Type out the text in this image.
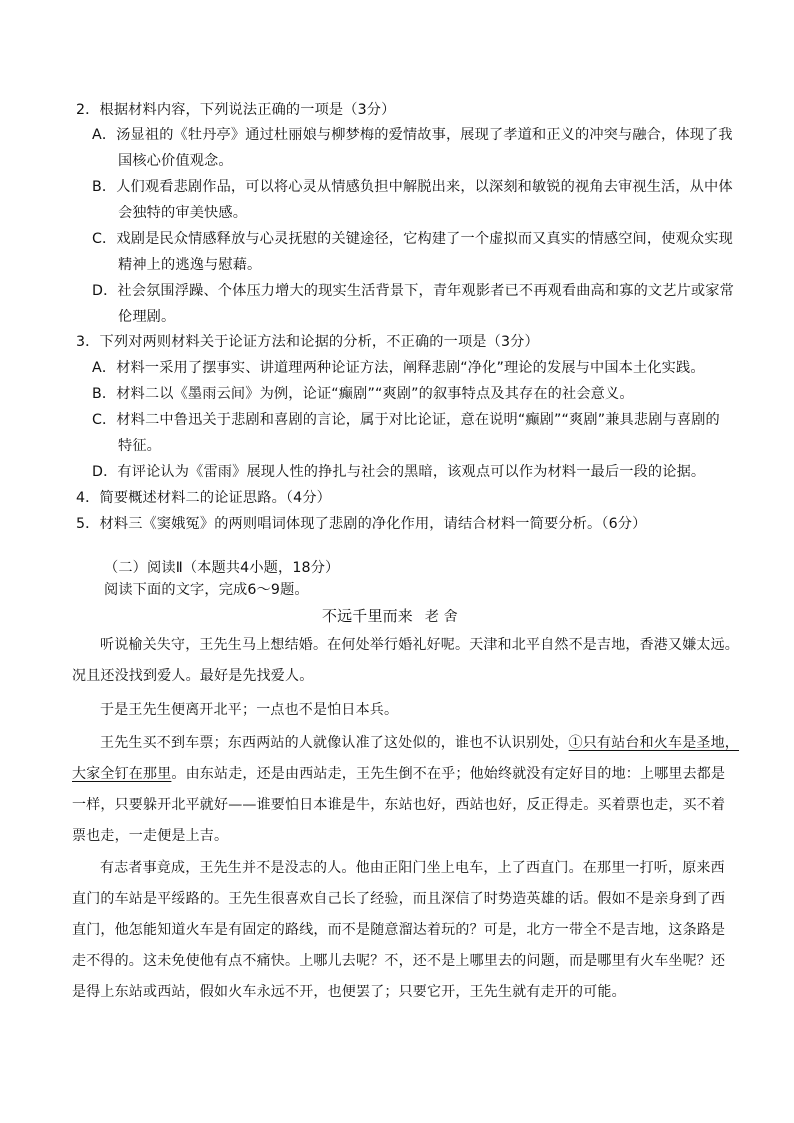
2．根据材料内容，下列说法正确的一项是（3分）
A．汤显祖的《牡丹亭》通过杜丽娘与柳梦梅的爱情故事，展现了孝道和正义的冲突与融合，体现了我
国核心价值观念。
B．人们观看悲剧作品，可以将心灵从情感负担中解脱出来，以深刻和敏锐的视角去审视生活，从中体
会独特的审美快感。
C．戏剧是民众情感释放与心灵抚慰的关键途径，它构建了一个虚拟而又真实的情感空间，使观众实现
精神上的逃逸与慰藉。
D．社会氛围浮躁、个体压力增大的现实生活背景下，青年观影者已不再观看曲高和寡的文艺片或家常
伦理剧。
3．下列对两则材料关于论证方法和论据的分析，不正确的一项是（3分）
A．材料一采用了摆事实、讲道理两种论证方法，阐释悲剧“净化”理论的发展与中国本土化实践。
B．材料二以《墨雨云间》为例，论证“癫剧”“爽剧”的叙事特点及其存在的社会意义。
C．材料二中鲁迅关于悲剧和喜剧的言论，属于对比论证，意在说明“癫剧”“爽剧”兼具悲剧与喜剧的
特征。
D．有评论认为《雷雨》展现人性的挣扎与社会的黑暗，该观点可以作为材料一最后一段的论据。
4．简要概述材料二的论证思路。（4分）
5．材料三《窦娥冤》的两则唱词体现了悲剧的净化作用，请结合材料一简要分析。（6分）
（二）阅读Ⅱ（本题共4小题，18分）
阅读下面的文字，完成6～9题。
不远千里而来 老 舍
听说榆关失守，王先生马上想结婚。在何处举行婚礼好呢。天津和北平自然不是吉地，香港又嫌太远。
况且还没找到爱人。最好是先找爱人。
于是王先生便离开北平；一点也不是怕日本兵。
王先生买不到车票；东西两站的人就像认准了这处似的，谁也不认识别处，①只有站台和火车是圣地，
大家全钉在那里。由东站走，还是由西站走，王先生倒不在乎；他始终就没有定好目的地：上哪里去都是
一样，只要躲开北平就好——谁要怕日本谁是牛，东站也好，西站也好，反正得走。买着票也走，买不着
票也走，一走便是上吉。
有志者事竟成，王先生并不是没志的人。他由正阳门坐上电车，上了西直门。在那里一打听，原来西
直门的车站是平绥路的。王先生很喜欢自己长了经验，而且深信了时势造英雄的话。假如不是亲身到了西
直门，他怎能知道火车是有固定的路线，而不是随意溜达着玩的？可是，北方一带全不是吉地，这条路是
走不得的。这未免使他有点不痛快。上哪儿去呢？不，还不是上哪里去的问题，而是哪里有火车坐呢？还
是得上东站或西站，假如火车永远不开，也便罢了；只要它开，王先生就有走开的可能。
